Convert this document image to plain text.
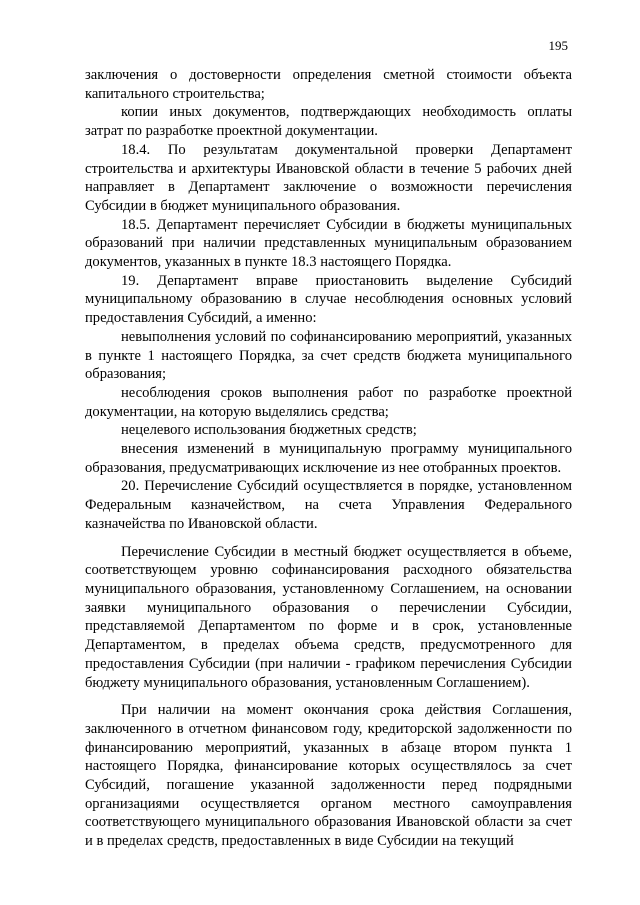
195

заключения о достоверности определения сметной стоимости объекта капитального строительства;

копии иных документов, подтверждающих необходимость оплаты затрат по разработке проектной документации.

18.4. По результатам документальной проверки Департамент строительства и архитектуры Ивановской области в течение 5 рабочих дней направляет в Департамент заключение о возможности перечисления Субсидии в бюджет муниципального образования.

18.5. Департамент перечисляет Субсидии в бюджеты муниципальных образований при наличии представленных муниципальным образованием документов, указанных в пункте 18.3 настоящего Порядка.

19. Департамент вправе приостановить выделение Субсидий муниципальному образованию в случае несоблюдения основных условий предоставления Субсидий, а именно:

невыполнения условий по софинансированию мероприятий, указанных в пункте 1 настоящего Порядка, за счет средств бюджета муниципального образования;

несоблюдения сроков выполнения работ по разработке проектной документации, на которую выделялись средства;

нецелевого использования бюджетных средств;

внесения изменений в муниципальную программу муниципального образования, предусматривающих исключение из нее отобранных проектов.

20. Перечисление Субсидий осуществляется в порядке, установленном Федеральным казначейством, на счета Управления Федерального казначейства по Ивановской области.

Перечисление Субсидии в местный бюджет осуществляется в объеме, соответствующем уровню софинансирования расходного обязательства муниципального образования, установленному Соглашением, на основании заявки муниципального образования о перечислении Субсидии, представляемой Департаментом по форме и в срок, установленные Департаментом, в пределах объема средств, предусмотренного для предоставления Субсидии (при наличии - графиком перечисления Субсидии бюджету муниципального образования, установленным Соглашением).

При наличии на момент окончания срока действия Соглашения, заключенного в отчетном финансовом году, кредиторской задолженности по финансированию мероприятий, указанных в абзаце втором пункта 1 настоящего Порядка, финансирование которых осуществлялось за счет Субсидий, погашение указанной задолженности перед подрядными организациями осуществляется органом местного самоуправления соответствующего муниципального образования Ивановской области за счет и в пределах средств, предоставленных в виде Субсидии на текущий
